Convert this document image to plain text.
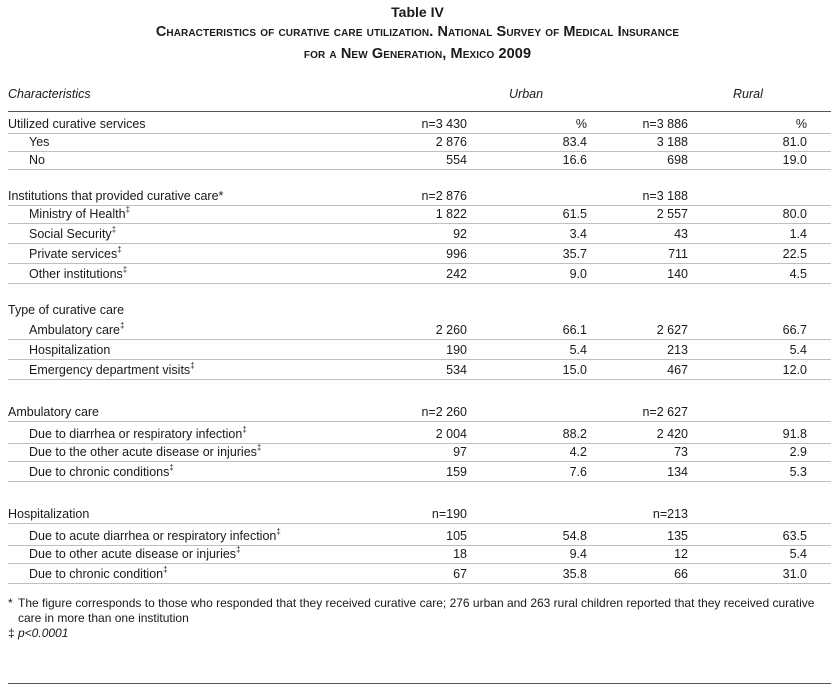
Table IV
Characteristics of curative care utilization. National Survey of Medical Insurance
for a New Generation, Mexico 2009
Characteristics	Urban	Rural
Utilized curative services	n=3 430	%	n=3 886	%
Yes	2 876	83.4	3 188	81.0
No	554	16.6	698	19.0
Institutions that provided curative care*	n=2 876	n=3 188
Ministry of Health‡	1 822	61.5	2 557	80.0
Social Security‡	92	3.4	43	1.4
Private services‡	996	35.7	711	22.5
Other institutions‡	242	9.0	140	4.5
Type of curative care
Ambulatory care‡	2 260	66.1	2 627	66.7
Hospitalization	190	5.4	213	5.4
Emergency department visits‡	534	15.0	467	12.0
Ambulatory care	n=2 260	n=2 627
Due to diarrhea or respiratory infection‡	2 004	88.2	2 420	91.8
Due to the other acute disease or injuries‡	97	4.2	73	2.9
Due to chronic conditions‡	159	7.6	134	5.3
Hospitalization	n=190	n=213
Due to acute diarrhea or respiratory infection‡	105	54.8	135	63.5
Due to other acute disease or injuries‡	18	9.4	12	5.4
Due to chronic condition‡	67	35.8	66	31.0
* The figure corresponds to those who responded that they received curative care; 276 urban and 263 rural children reported that they received curative care in more than one institution
‡ p<0.0001
